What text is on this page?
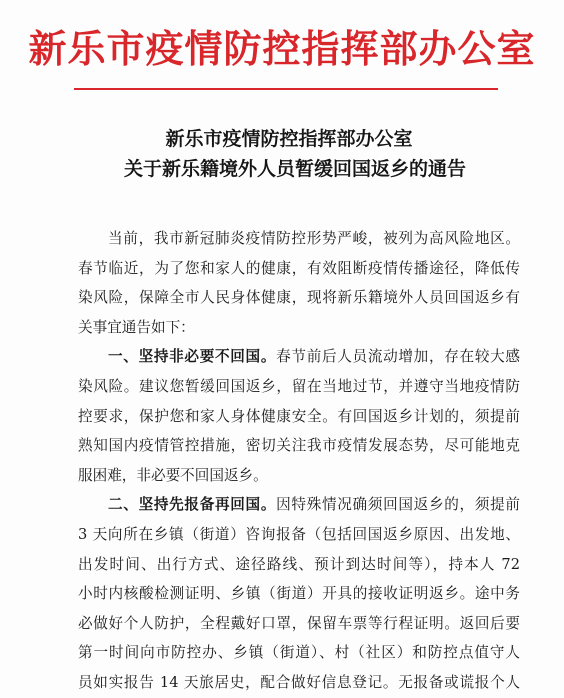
新乐市疫情防控指挥部办公室
新乐市疫情防控指挥部办公室
关于新乐籍境外人员暂缓回国返乡的通告
当前，我市新冠肺炎疫情防控形势严峻，被列为高风险地区。
春节临近，为了您和家人的健康，有效阻断疫情传播途径，降低传
染风险，保障全市人民身体健康，现将新乐籍境外人员回国返乡有
关事宜通告如下：
一、坚持非必要不回国。春节前后人员流动增加，存在较大感
染风险。建议您暂缓回国返乡，留在当地过节，并遵守当地疫情防
控要求，保护您和家人身体健康安全。有回国返乡计划的，须提前
熟知国内疫情管控措施，密切关注我市疫情发展态势，尽可能地克
服困难，非必要不回国返乡。
二、坚持先报备再回国。因特殊情况确须回国返乡的，须提前
3 天向所在乡镇（街道）咨询报备（包括回国返乡原因、出发地、
出发时间、出行方式、途径路线、预计到达时间等），持本人 72
小时内核酸检测证明、乡镇（街道）开具的接收证明返乡。途中务
必做好个人防护，全程戴好口罩，保留车票等行程证明。返回后要
第一时间向市防控办、乡镇（街道）、村（社区）和防控点值守人
员如实报告 14 天旅居史，配合做好信息登记。无报备或谎报个人
